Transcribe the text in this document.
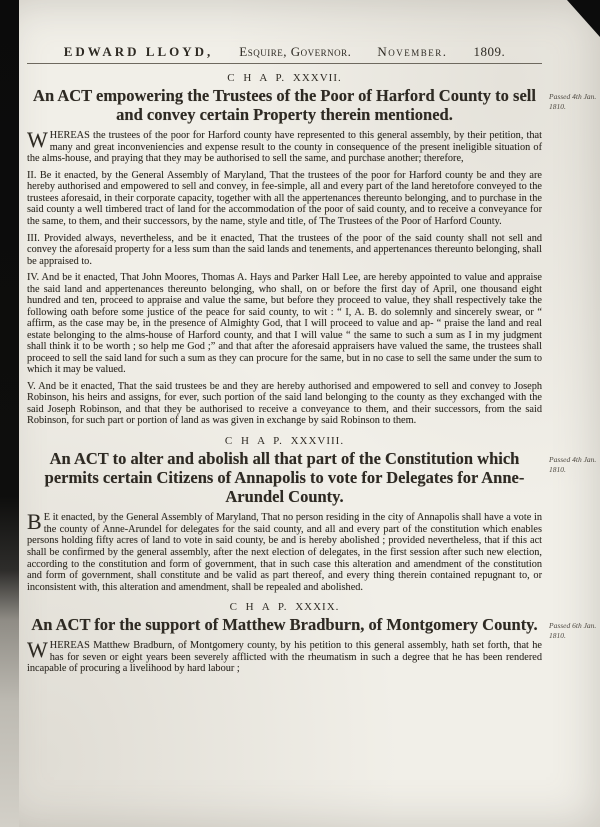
EDWARD LLOYD, Esquire, Governor. November. 1809.
C H A P. XXXVII.
Passed 4th Jan. 1810.
An ACT empowering the Trustees of the Poor of Harford County to sell and convey certain Property therein mentioned.

WHEREAS the trustees of the poor for Harford county have represented to this general assembly, by their petition, that many and great inconveniencies and expense result to the county in consequence of the present ineligible situation of the alms-house, and praying that they may be authorised to sell the same, and purchase another; therefore,

II. Be it enacted, by the General Assembly of Maryland, That the trustees of the poor for Harford county be and they are hereby authorised and empowered to sell and convey, in fee-simple, all and every part of the land heretofore conveyed to the trustees aforesaid, in their corporate capacity, together with all the appertenances thereunto belonging, and to purchase in the said county a well timbered tract of land for the accommodation of the poor of said county, and to receive a conveyance for the same, to them, and their successors, by the name, style and title, of The Trustees of the Poor of Harford County.

III. Provided always, nevertheless, and be it enacted, That the trustees of the poor of the said county shall not sell and convey the aforesaid property for a less sum than the said lands and tenements, and appertenances thereunto belonging, shall be appraised to.

IV. And be it enacted, That John Moores, Thomas A. Hays and Parker Hall Lee, are hereby appointed to value and appraise the said land and appertenances thereunto belonging, who shall, on or before the first day of April, one thousand eight hundred and ten, proceed to appraise and value the same, but before they proceed to value, they shall respectively take the following oath before some justice of the peace for said county, to wit : “ I, A. B. do solemnly and sincerely swear, or “ affirm, as the case may be, in the presence of Almighty God, that I will proceed to value and ap- “ praise the land and real estate belonging to the alms-house of Harford county, and that I will value “ the same to such a sum as I in my judgment shall think it to be worth ; so help me God ;” and that after the aforesaid appraisers have valued the same, the trustees shall proceed to sell the said land for such a sum as they can procure for the same, but in no case to sell the same under the sum to which it may be valued.

V. And be it enacted, That the said trustees be and they are hereby authorised and empowered to sell and convey to Joseph Robinson, his heirs and assigns, for ever, such portion of the said land belonging to the county as they exchanged with the said Joseph Robinson, and that they be authorised to receive a conveyance to them, and their successors, from the said Robinson, for such part or portion of land as was given in exchange by said Robinson to them.

C H A P. XXXVIII.
Passed 4th Jan. 1810.
An ACT to alter and abolish all that part of the Constitution which permits certain Citizens of Annapolis to vote for Delegates for Anne-Arundel County.

BE it enacted, by the General Assembly of Maryland, That no person residing in the city of Annapolis shall have a vote in the county of Anne-Arundel for delegates for the said county, and all and every part of the constitution which enables persons holding fifty acres of land to vote in said county, be and is hereby abolished ; provided nevertheless, that if this act shall be confirmed by the general assembly, after the next election of delegates, in the first session after such new election, according to the constitution and form of government, that in such case this alteration and amendment of the constitution and form of government, shall constitute and be valid as part thereof, and every thing therein contained repugnant to, or inconsistent with, this alteration and amendment, shall be repealed and abolished.

C H A P. XXXIX.
Passed 6th Jan. 1810.
An ACT for the support of Matthew Bradburn, of Montgomery County.

WHEREAS Matthew Bradburn, of Montgomery county, by his petition to this general assembly, hath set forth, that he has for seven or eight years been severely afflicted with the rheumatism in such a degree that he has been rendered incapable of procuring a livelihood by hard labour ;
